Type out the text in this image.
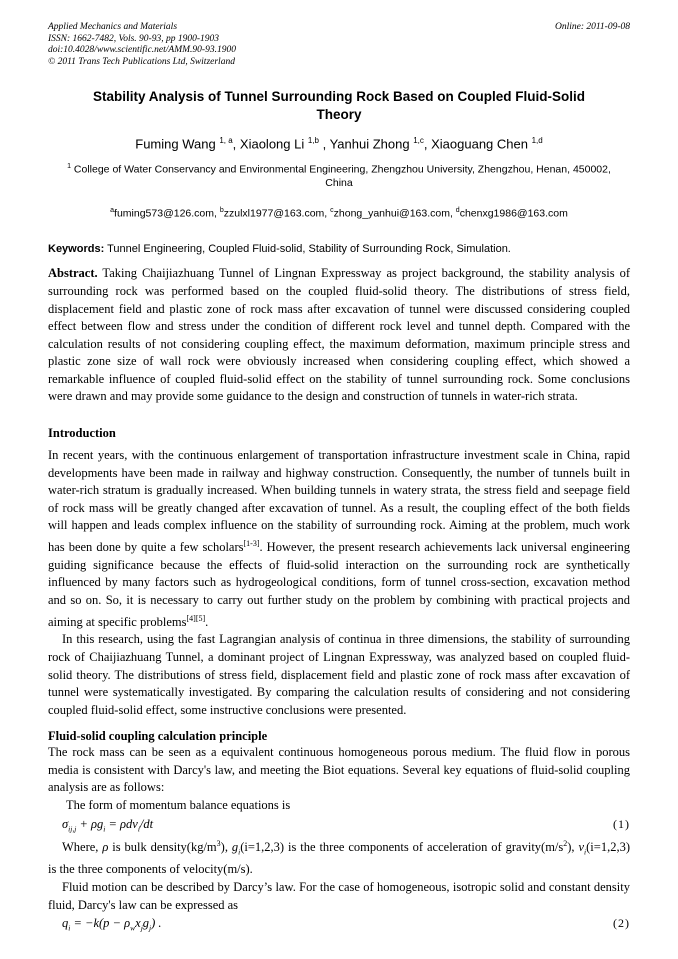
Applied Mechanics and Materials
ISSN: 1662-7482, Vols. 90-93, pp 1900-1903
doi:10.4028/www.scientific.net/AMM.90-93.1900
© 2011 Trans Tech Publications Ltd, Switzerland
Online: 2011-09-08
Stability Analysis of Tunnel Surrounding Rock Based on Coupled Fluid-Solid Theory
Fuming Wang $^{1, a}$, Xiaolong Li $^{1,b}$ , Yanhui Zhong $^{1,c}$, Xiaoguang Chen $^{1,d}$
$^1$ College of Water Conservancy and Environmental Engineering, Zhengzhou University, Zhengzhou, Henan, 450002, China
$^a$fuming573@126.com, $^b$zzulxl1977@163.com, $^c$zhong_yanhui@163.com, $^d$chenxg1986@163.com

Keywords: Tunnel Engineering, Coupled Fluid-solid, Stability of Surrounding Rock, Simulation.

Abstract. Taking Chaijiazhuang Tunnel of Lingnan Expressway as project background, the stability analysis of surrounding rock was performed based on the coupled fluid-solid theory. The distributions of stress field, displacement field and plastic zone of rock mass after excavation of tunnel were discussed considering coupled effect between flow and stress under the condition of different rock level and tunnel depth. Compared with the calculation results of not considering coupling effect, the maximum deformation, maximum principle stress and plastic zone size of wall rock were obviously increased when considering coupling effect, which showed a remarkable influence of coupled fluid-solid effect on the stability of tunnel surrounding rock. Some conclusions were drawn and may provide some guidance to the design and construction of tunnels in water-rich strata.

Introduction

In recent years, with the continuous enlargement of transportation infrastructure investment scale in China, rapid developments have been made in railway and highway construction. Consequently, the number of tunnels built in water-rich stratum is gradually increased. When building tunnels in watery strata, the stress field and seepage field of rock mass will be greatly changed after excavation of tunnel. As a result, the coupling effect of the both fields will happen and leads complex influence on the stability of surrounding rock. Aiming at the problem, much work has been done by quite a few scholars[1-3]. However, the present research achievements lack universal engineering guiding significance because the effects of fluid-solid interaction on the surrounding rock are synthetically influenced by many factors such as hydrogeological conditions, form of tunnel cross-section, excavation method and so on. So, it is necessary to carry out further study on the problem by combining with practical projects and aiming at specific problems[4][5].

In this research, using the fast Lagrangian analysis of continua in three dimensions, the stability of surrounding rock of Chaijiazhuang Tunnel, a dominant project of Lingnan Expressway, was analyzed based on coupled fluid-solid theory. The distributions of stress field, displacement field and plastic zone of rock mass after excavation of tunnel were systematically investigated. By comparing the calculation results of considering and not considering coupled fluid-solid effect, some instructive conclusions were presented.

Fluid-solid coupling calculation principle

The rock mass can be seen as a equivalent continuous homogeneous porous medium. The fluid flow in porous media is consistent with Darcy's law, and meeting the Biot equations. Several key equations of fluid-solid coupling analysis are as follows:

The form of momentum balance equations is

$\sigma_{ij,j} + \rho g_i = \rho dv_i/dt$	(1)

Where, ρ is bulk $density(kg/m^3)$, $g_i(i=1,2,3)$ is the three components of acceleration of $gravity(m/s^2)$, $v_i(i=1,2,3)$ is the three components of velocity(m/s).

Fluid motion can be described by Darcy’s law. For the case of homogeneous, isotropic solid and constant density fluid, Darcy's law can be expressed as

$q_i = -k(p - \rho_wx_jg_j)$ .	(2)
